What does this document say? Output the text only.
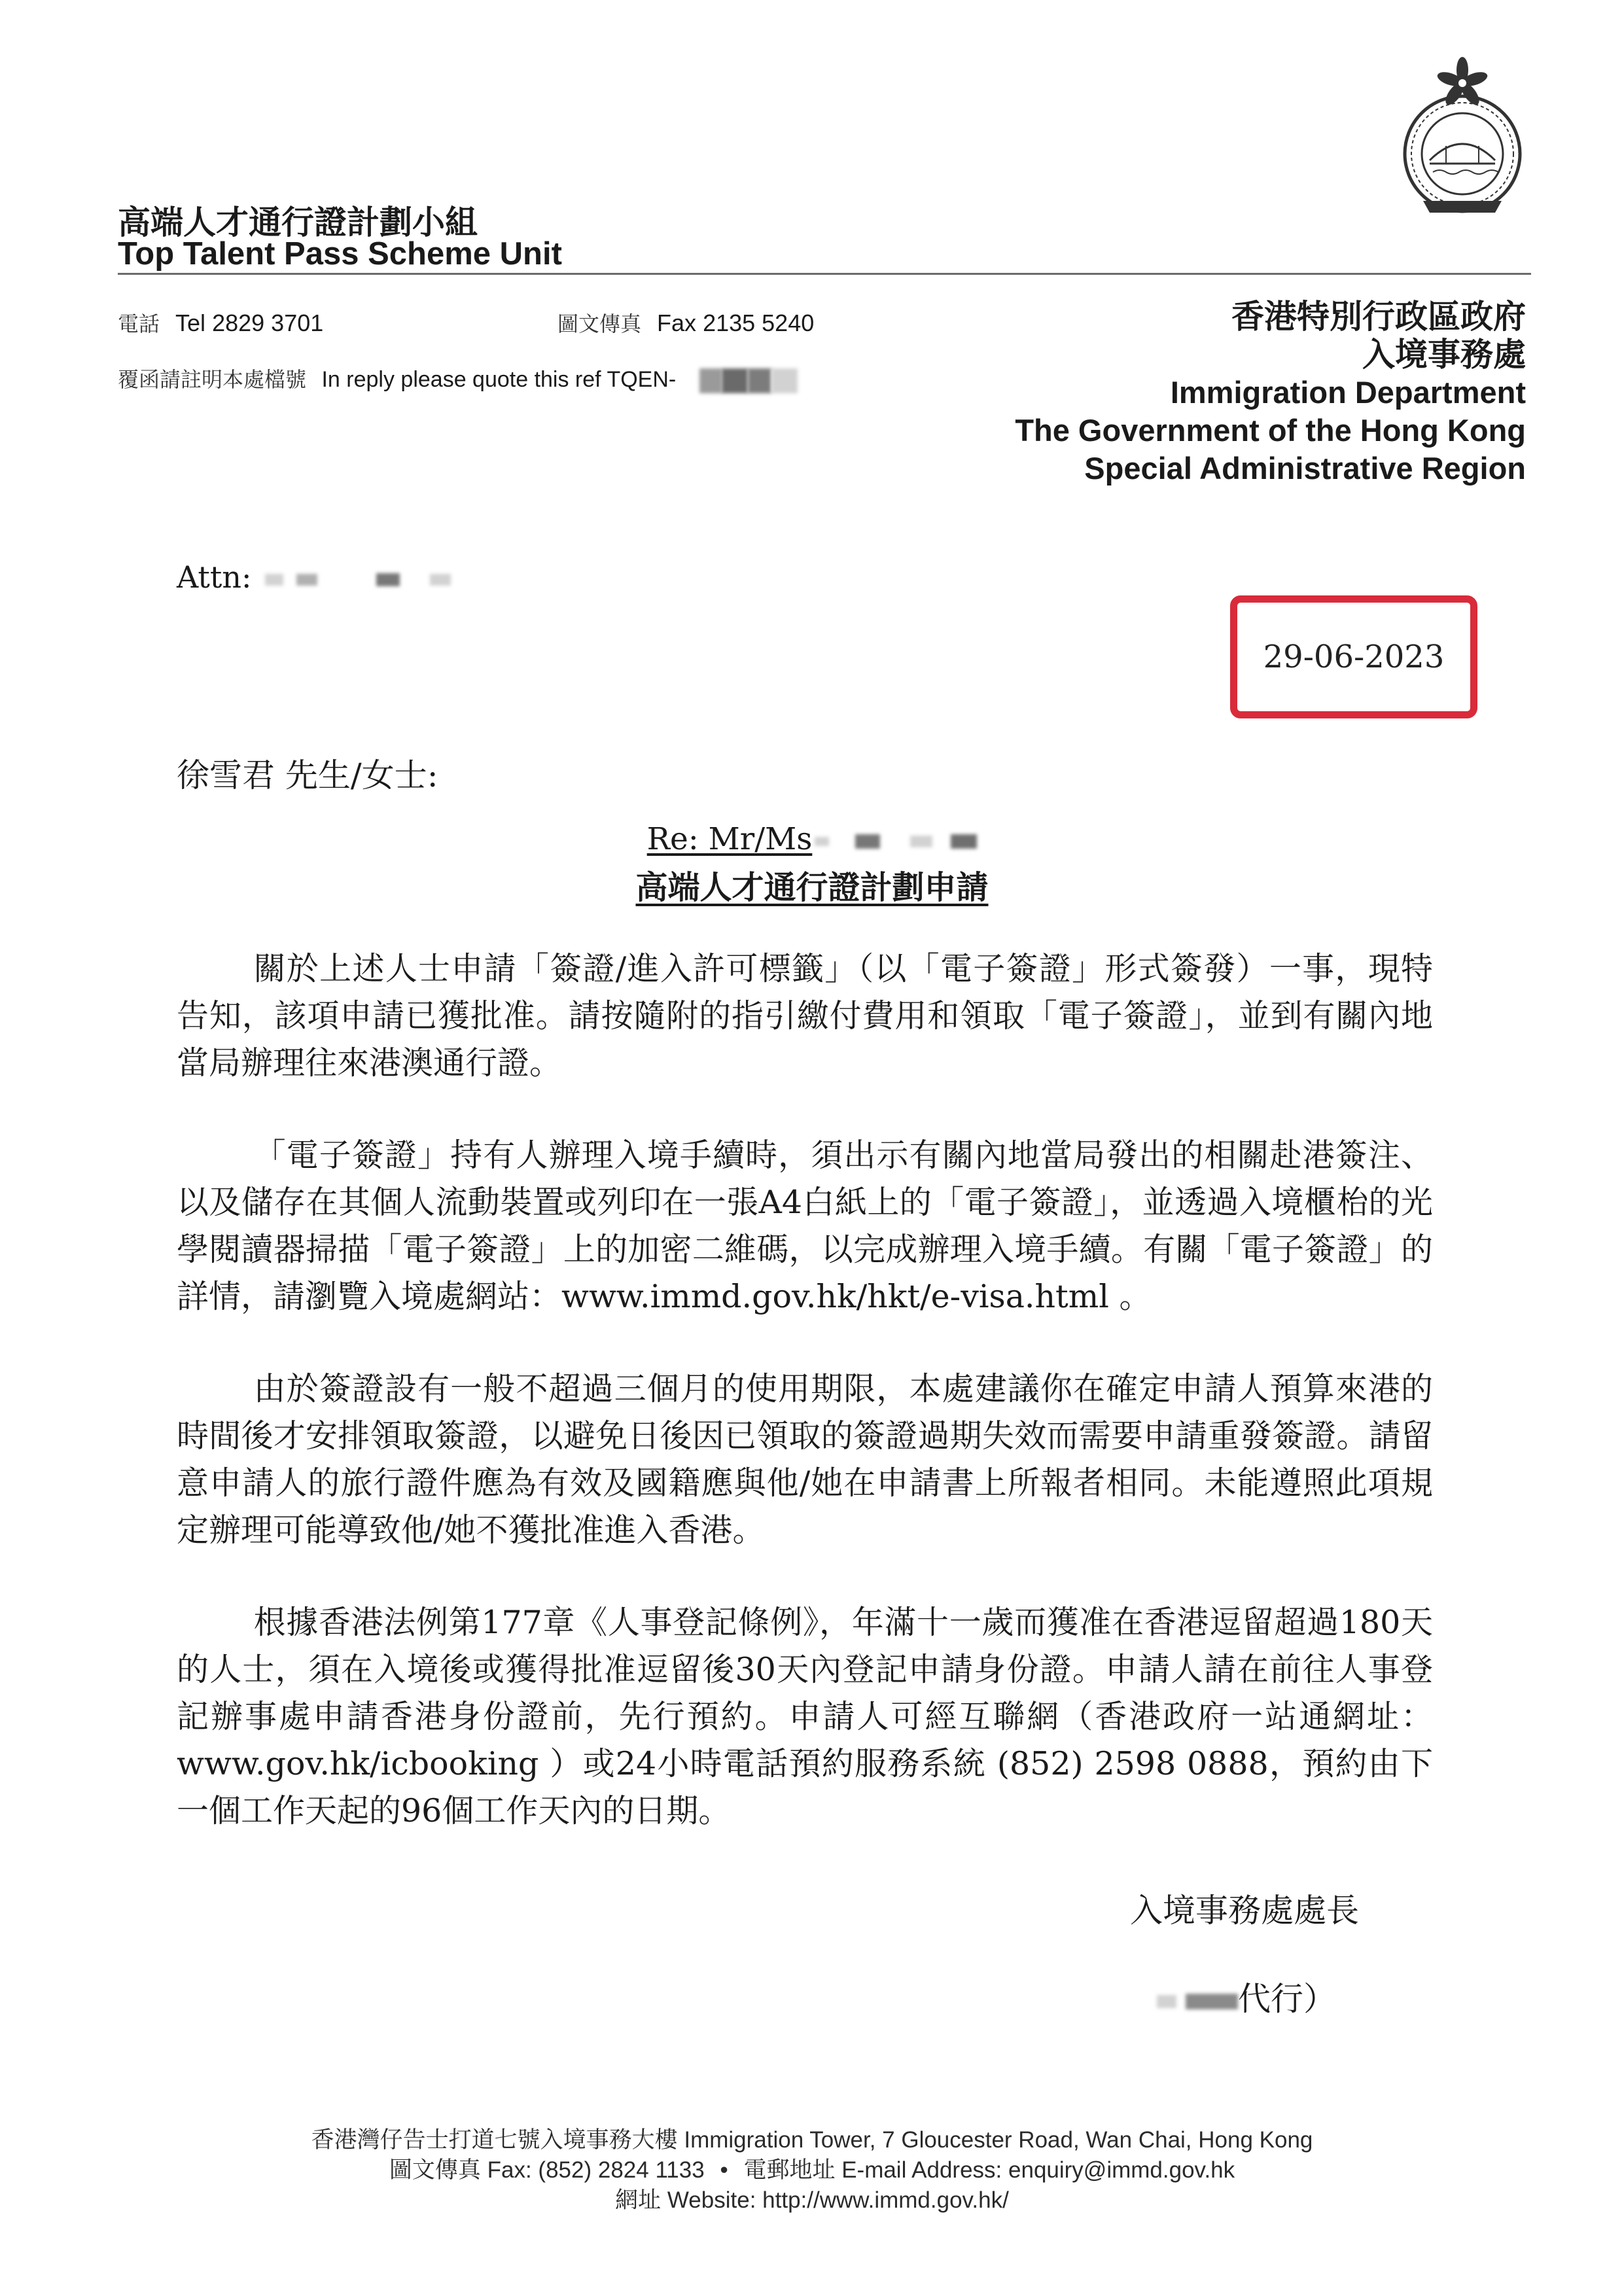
高端人才通行證計劃小組
Top Talent Pass Scheme Unit
電話 Tel 2829 3701	圖文傳真 Fax 2135 5240
覆函請註明本處檔號 In reply please quote this ref TQEN-
香港特別行政區政府
入境事務處
Immigration Department
The Government of the Hong Kong
Special Administrative Region
Attn:
29-06-2023
徐雪君 先生/女士:
Re: Mr/Ms
高端人才通行證計劃申請

關於上述人士申請「簽證/進入許可標籤」（以「電子簽證」形式簽發）一事，現特告知，該項申請已獲批准。請按隨附的指引繳付費用和領取「電子簽證」，並到有關內地當局辦理往來港澳通行證。

「電子簽證」持有人辦理入境手續時，須出示有關內地當局發出的相關赴港簽注、以及儲存在其個人流動裝置或列印在一張A4白紙上的「電子簽證」，並透過入境櫃枱的光學閱讀器掃描「電子簽證」上的加密二維碼，以完成辦理入境手續。有關「電子簽證」的詳情，請瀏覽入境處網站：www.immd.gov.hk/hkt/e-visa.html 。

由於簽證設有一般不超過三個月的使用期限，本處建議你在確定申請人預算來港的時間後才安排領取簽證，以避免日後因已領取的簽證過期失效而需要申請重發簽證。請留意申請人的旅行證件應為有效及國籍應與他/她在申請書上所報者相同。未能遵照此項規定辦理可能導致他/她不獲批准進入香港。

根據香港法例第177章《人事登記條例》，年滿十一歲而獲准在香港逗留超過180天的人士，須在入境後或獲得批准逗留後30天內登記申請身份證。申請人請在前往人事登記辦事處申請香港身份證前，先行預約。申請人可經互聯網（香港政府一站通網址：www.gov.hk/icbooking ）或24小時電話預約服務系統 (852) 2598 0888，預約由下一個工作天起的96個工作天內的日期。

入境事務處處長
代行）
香港灣仔告士打道七號入境事務大樓 Immigration Tower, 7 Gloucester Road, Wan Chai, Hong Kong
圖文傳真 Fax: (852) 2824 1133 • 電郵地址 E-mail Address: enquiry@immd.gov.hk
網址 Website: http://www.immd.gov.hk/
